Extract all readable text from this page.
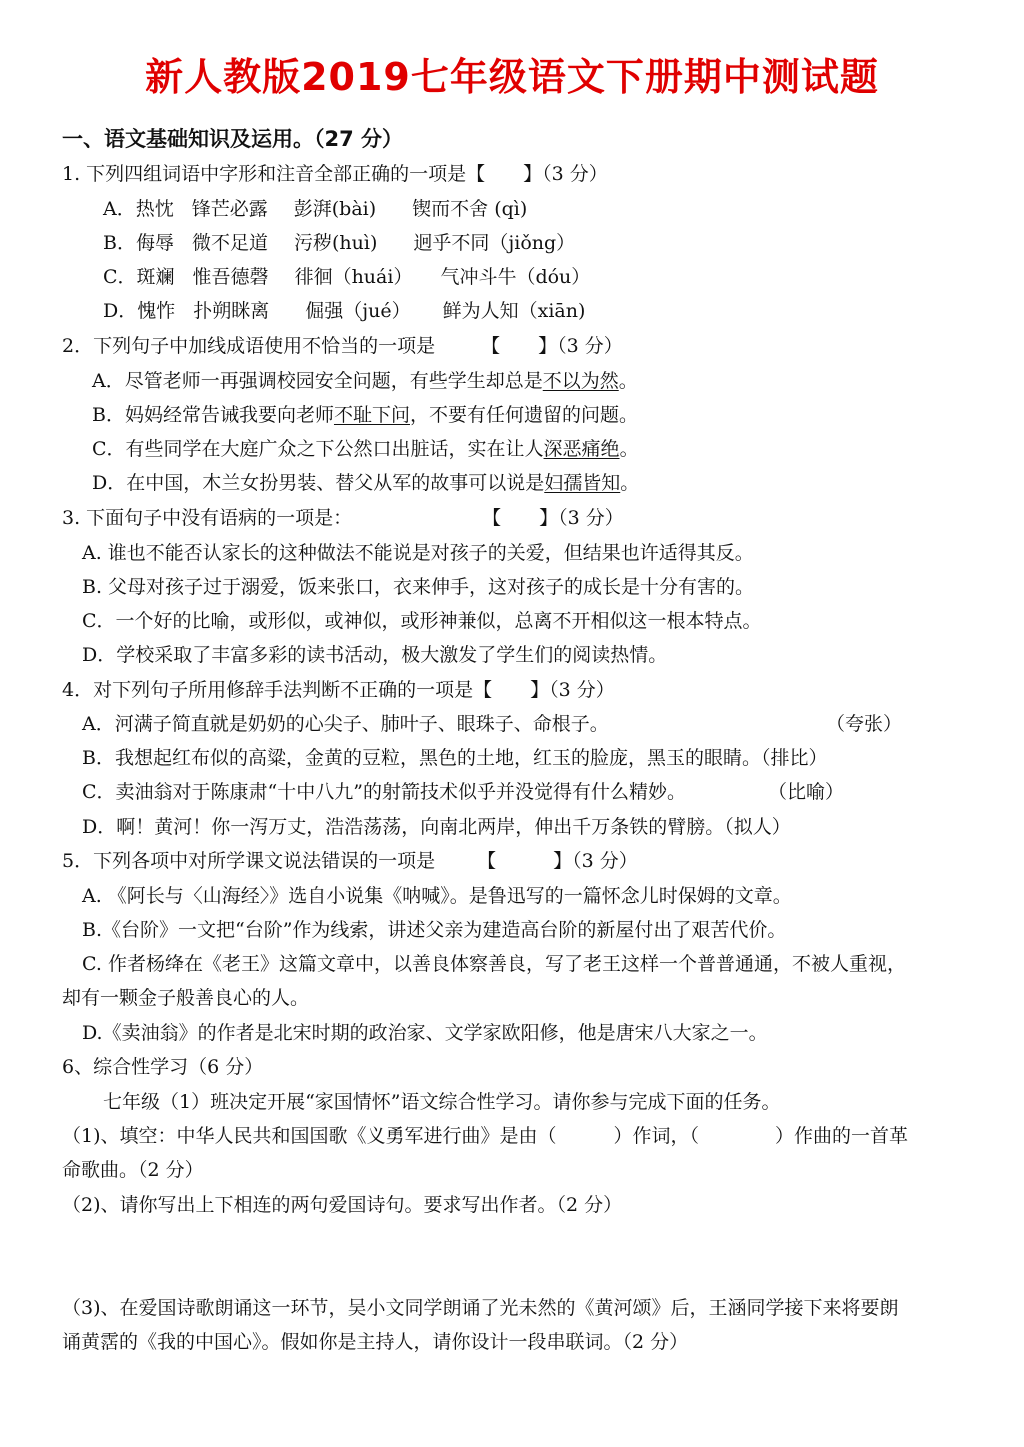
新人教版2019七年级语文下册期中测试题
一、语文基础知识及运用。（27 分）
1. 下列四组词语中字形和注音全部正确的一项是【　　】（3 分）
A．热忱 锋芒必露 彭湃(bài) 锲而不舍 (qì)
B．侮辱 微不足道 污秽(huì) 迥乎不同（jiǒng）
C．斑斓 惟吾德磬 徘徊（huái） 气冲斗牛（dóu）
D．愧怍 扑朔眯离 倔强（jué） 鲜为人知（xiān)
2．下列句子中加线成语使用不恰当的一项是 【　　】（3 分）
A．尽管老师一再强调校园安全问题，有些学生却总是不以为然。
B．妈妈经常告诫我要向老师不耻下问，不要有任何遗留的问题。
C．有些同学在大庭广众之下公然口出脏话，实在让人深恶痛绝。
D．在中国，木兰女扮男装、替父从军的故事可以说是妇孺皆知。
3. 下面句子中没有语病的一项是：	【　　】（3 分）
A. 谁也不能否认家长的这种做法不能说是对孩子的关爱，但结果也许适得其反。
B. 父母对孩子过于溺爱，饭来张口，衣来伸手，这对孩子的成长是十分有害的。
C．一个好的比喻，或形似，或神似，或形神兼似，总离不开相似这一根本特点。
D．学校采取了丰富多彩的读书活动，极大激发了学生们的阅读热情。
4．对下列句子所用修辞手法判断不正确的一项是【　　】（3 分）
A．河满子简直就是奶奶的心尖子、肺叶子、眼珠子、命根子。	（夸张）
B．我想起红布似的高粱，金黄的豆粒，黑色的土地，红玉的脸庞，黑玉的眼睛。（排比）
C．卖油翁对于陈康肃“十中八九”的射箭技术似乎并没觉得有什么精妙。	（比喻）
D．啊！黄河！你一泻万丈，浩浩荡荡，向南北两岸，伸出千万条铁的臂膀。（拟人）
5．下列各项中对所学课文说法错误的一项是 【　　　】（3 分）
A. 《阿长与〈山海经〉》选自小说集《呐喊》。是鲁迅写的一篇怀念儿时保姆的文章。
B.《台阶》一文把“台阶”作为线索，讲述父亲为建造高台阶的新屋付出了艰苦代价。
C. 作者杨绛在《老王》这篇文章中，以善良体察善良，写了老王这样一个普普通通，不被人重视，
却有一颗金子般善良心的人。
D.《卖油翁》的作者是北宋时期的政治家、文学家欧阳修，他是唐宋八大家之一。
6、综合性学习（6 分）
七年级（1）班决定开展“家国情怀”语文综合性学习。请你参与完成下面的任务。
（1)、填空：中华人民共和国国歌《义勇军进行曲》是由（　　　）作词，（　　　　）作曲的一首革
命歌曲。（2 分）
（2)、请你写出上下相连的两句爱国诗句。要求写出作者。（2 分）
（3)、在爱国诗歌朗诵这一环节，吴小文同学朗诵了光未然的《黄河颂》后，王涵同学接下来将要朗
诵黄霑的《我的中国心》。假如你是主持人，请你设计一段串联词。（2 分）
